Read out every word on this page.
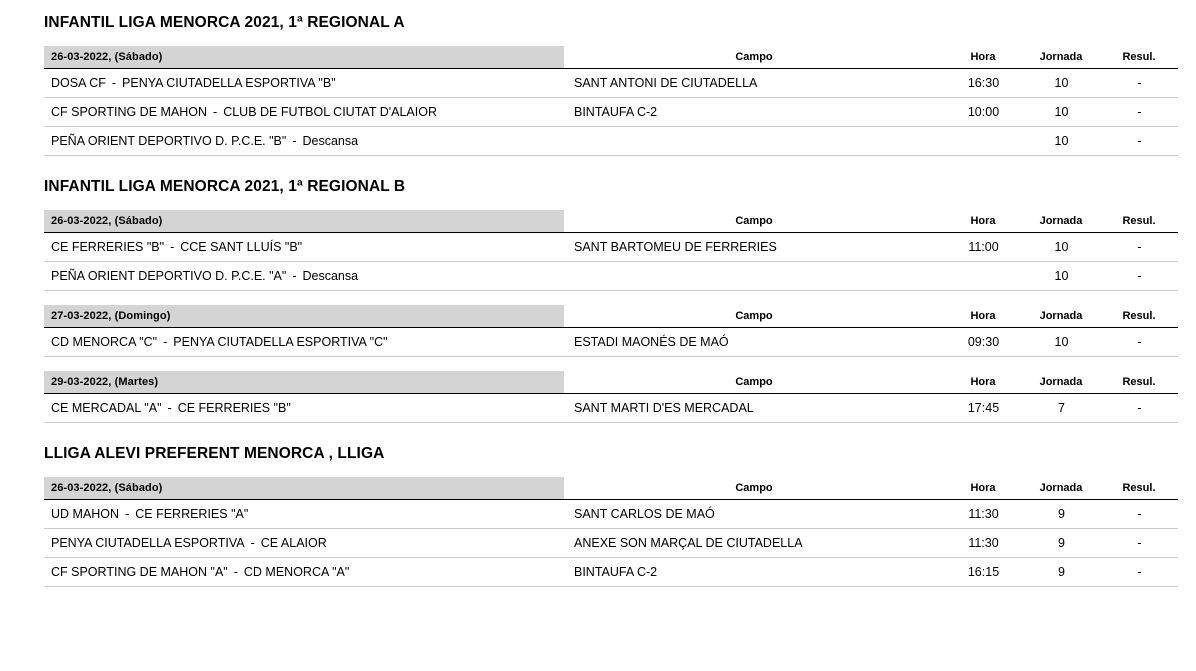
INFANTIL LIGA MENORCA 2021, 1ª REGIONAL A
26-03-2022, (Sábado)	Campo	Hora	Jornada	Resul.
DOSA CF - PENYA CIUTADELLA ESPORTIVA "B"	SANT ANTONI DE CIUTADELLA	16:30	10	-
CF SPORTING DE MAHON - CLUB DE FUTBOL CIUTAT D'ALAIOR	BINTAUFA C-2	10:00	10	-
PEÑA ORIENT DEPORTIVO D. P.C.E. "B" - Descansa			10	-
INFANTIL LIGA MENORCA 2021, 1ª REGIONAL B
26-03-2022, (Sábado)	Campo	Hora	Jornada	Resul.
CE FERRERIES "B" - CCE SANT LLUÍS "B"	SANT BARTOMEU DE FERRERIES	11:00	10	-
PEÑA ORIENT DEPORTIVO D. P.C.E. "A" - Descansa			10	-
27-03-2022, (Domingo)	Campo	Hora	Jornada	Resul.
CD MENORCA "C" - PENYA CIUTADELLA ESPORTIVA "C"	ESTADI MAONÉS DE MAÓ	09:30	10	-
29-03-2022, (Martes)	Campo	Hora	Jornada	Resul.
CE MERCADAL "A" - CE FERRERIES "B"	SANT MARTI D'ES MERCADAL	17:45	7	-
LLIGA ALEVI PREFERENT MENORCA , LLIGA
26-03-2022, (Sábado)	Campo	Hora	Jornada	Resul.
UD MAHON - CE FERRERIES "A"	SANT CARLOS DE MAÓ	11:30	9	-
PENYA CIUTADELLA ESPORTIVA - CE ALAIOR	ANEXE SON MARÇAL DE CIUTADELLA	11:30	9	-
CF SPORTING DE MAHON "A" - CD MENORCA "A"	BINTAUFA C-2	16:15	9	-
